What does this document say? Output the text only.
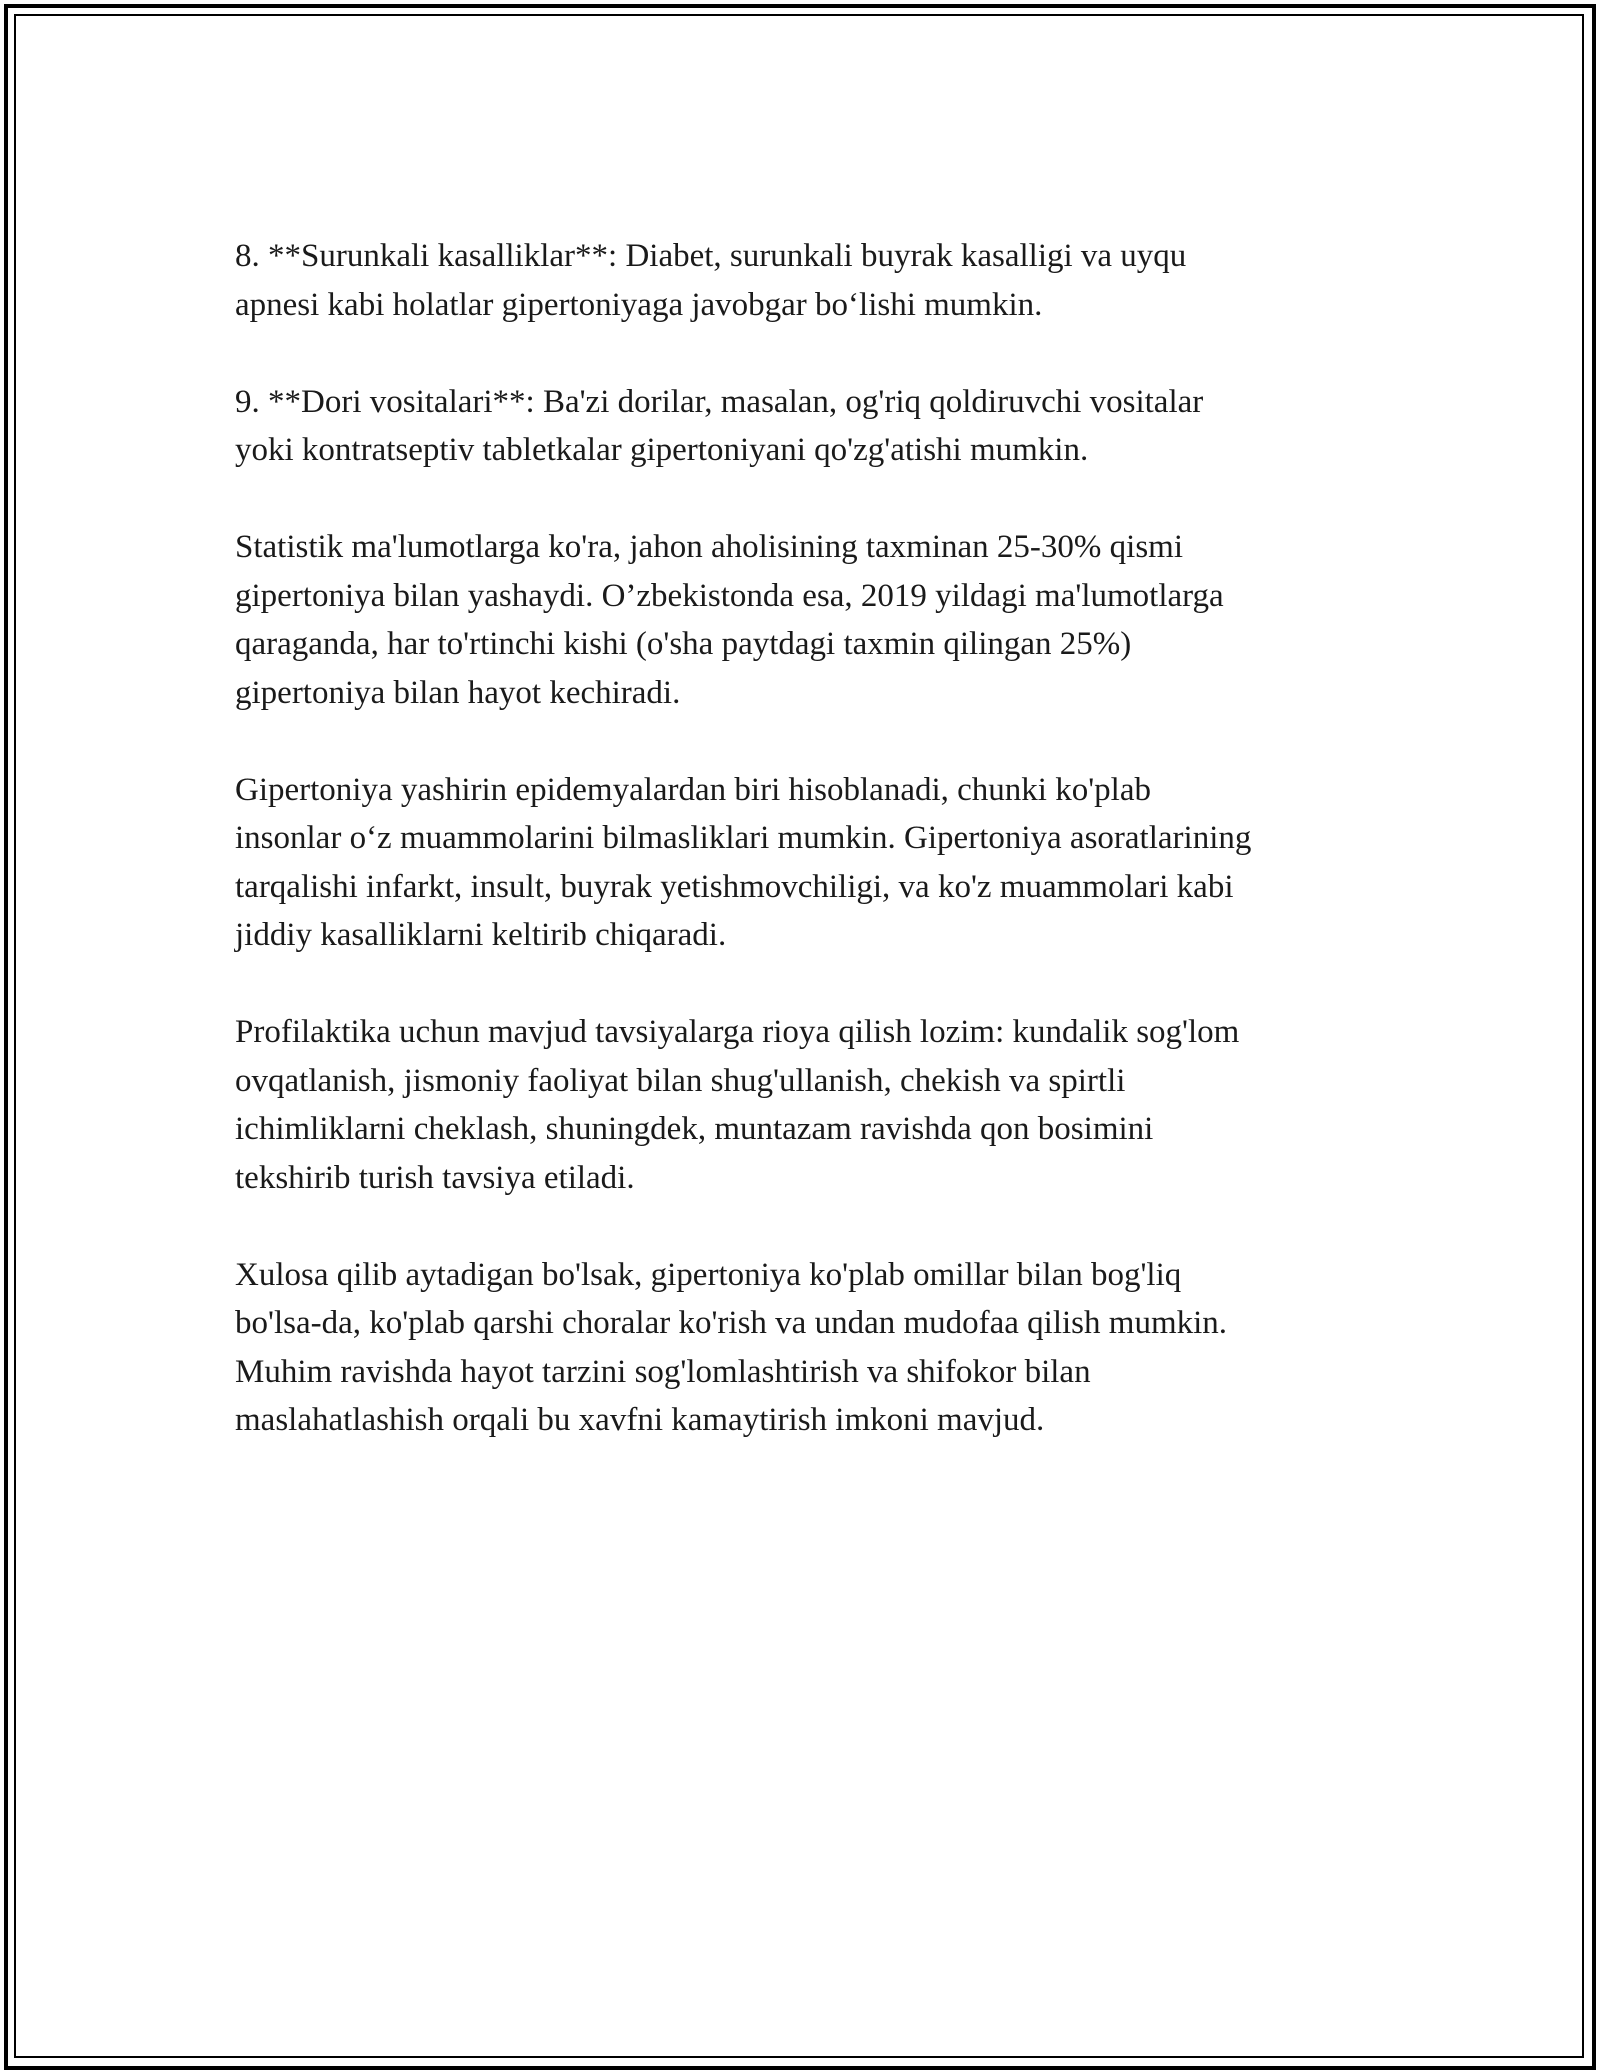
8. **Surunkali kasalliklar**: Diabet, surunkali buyrak kasalligi va uyqu
apnesi kabi holatlar gipertoniyaga javobgar bo‘lishi mumkin.

9. **Dori vositalari**: Ba'zi dorilar, masalan, og'riq qoldiruvchi vositalar
yoki kontratseptiv tabletkalar gipertoniyani qo'zg'atishi mumkin.

Statistik ma'lumotlarga ko'ra, jahon aholisining taxminan 25-30% qismi
gipertoniya bilan yashaydi. O’zbekistonda esa, 2019 yildagi ma'lumotlarga
qaraganda, har to'rtinchi kishi (o'sha paytdagi taxmin qilingan 25%)
gipertoniya bilan hayot kechiradi.

Gipertoniya yashirin epidemyalardan biri hisoblanadi, chunki ko'plab
insonlar o‘z muammolarini bilmasliklari mumkin. Gipertoniya asoratlarining
tarqalishi infarkt, insult, buyrak yetishmovchiligi, va ko'z muammolari kabi
jiddiy kasalliklarni keltirib chiqaradi.

Profilaktika uchun mavjud tavsiyalarga rioya qilish lozim: kundalik sog'lom
ovqatlanish, jismoniy faoliyat bilan shug'ullanish, chekish va spirtli
ichimliklarni cheklash, shuningdek, muntazam ravishda qon bosimini
tekshirib turish tavsiya etiladi.

Xulosa qilib aytadigan bo'lsak, gipertoniya ko'plab omillar bilan bog'liq
bo'lsa-da, ko'plab qarshi choralar ko'rish va undan mudofaa qilish mumkin.
Muhim ravishda hayot tarzini sog'lomlashtirish va shifokor bilan
maslahatlashish orqali bu xavfni kamaytirish imkoni mavjud.
